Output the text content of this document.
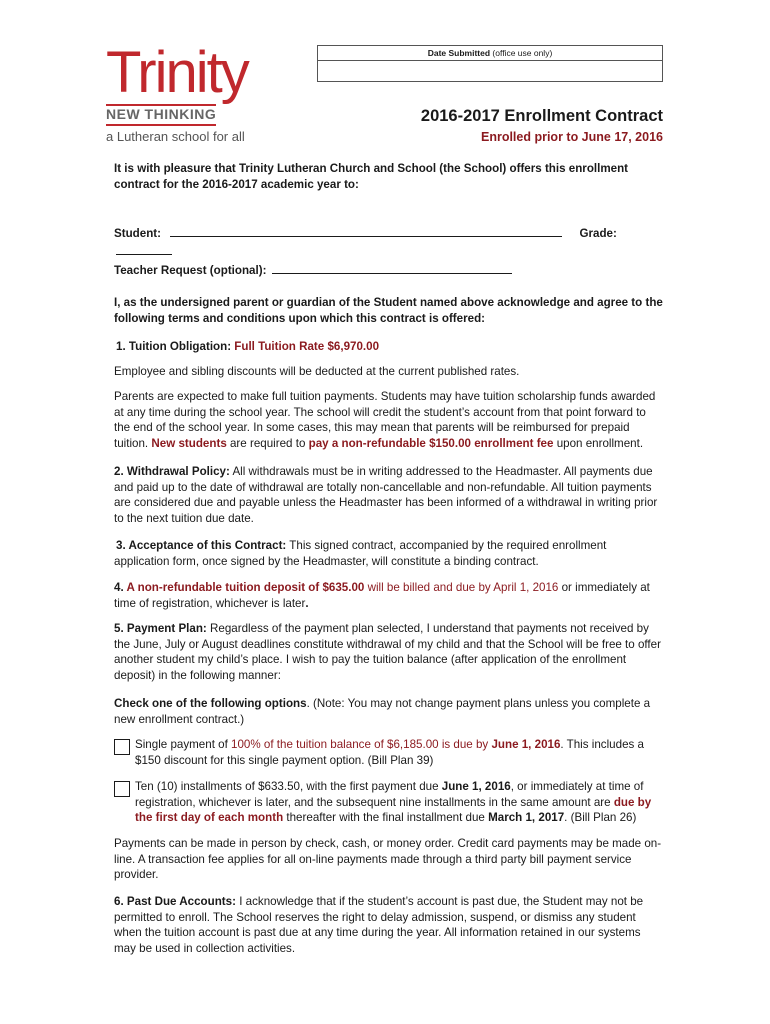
Trinity
NEW THINKING
a Lutheran school for all
Date Submitted (office use only)
2016-2017 Enrollment Contract
Enrolled prior to June 17, 2016
It is with pleasure that Trinity Lutheran Church and School (the School) offers this enrollment contract for the 2016-2017 academic year to:
Student:	Grade:
Teacher Request (optional):
I, as the undersigned parent or guardian of the Student named above acknowledge and agree to the following terms and conditions upon which this contract is offered:

1. Tuition Obligation: Full Tuition Rate $6,970.00

Employee and sibling discounts will be deducted at the current published rates.

Parents are expected to make full tuition payments. Students may have tuition scholarship funds awarded at any time during the school year. The school will credit the student’s account from that point forward to the end of the school year. In some cases, this may mean that parents will be reimbursed for prepaid tuition. New students are required to pay a non-refundable $150.00 enrollment fee upon enrollment.

2. Withdrawal Policy: All withdrawals must be in writing addressed to the Headmaster. All payments due and paid up to the date of withdrawal are totally non-cancellable and non-refundable. All tuition payments are considered due and payable unless the Headmaster has been informed of a withdrawal in writing prior to the next tuition due date.

3. Acceptance of this Contract: This signed contract, accompanied by the required enrollment application form, once signed by the Headmaster, will constitute a binding contract.

4. A non-refundable tuition deposit of $635.00 will be billed and due by April 1, 2016 or immediately at time of registration, whichever is later.

5. Payment Plan: Regardless of the payment plan selected, I understand that payments not received by the June, July or August deadlines constitute withdrawal of my child and that the School will be free to offer another student my child’s place. I wish to pay the tuition balance (after application of the enrollment deposit) in the following manner:

Check one of the following options. (Note: You may not change payment plans unless you complete a new enrollment contract.)

Single payment of 100% of the tuition balance of $6,185.00 is due by June 1, 2016. This includes a $150 discount for this single payment option. (Bill Plan 39)
Ten (10) installments of $633.50, with the first payment due June 1, 2016, or immediately at time of registration, whichever is later, and the subsequent nine installments in the same amount are due by the first day of each month thereafter with the final installment due March 1, 2017. (Bill Plan 26)

Payments can be made in person by check, cash, or money order. Credit card payments may be made on-line. A transaction fee applies for all on-line payments made through a third party bill payment service provider.

6. Past Due Accounts: I acknowledge that if the student’s account is past due, the Student may not be permitted to enroll. The School reserves the right to delay admission, suspend, or dismiss any student when the tuition account is past due at any time during the year. All information retained in our systems may be used in collection activities.
